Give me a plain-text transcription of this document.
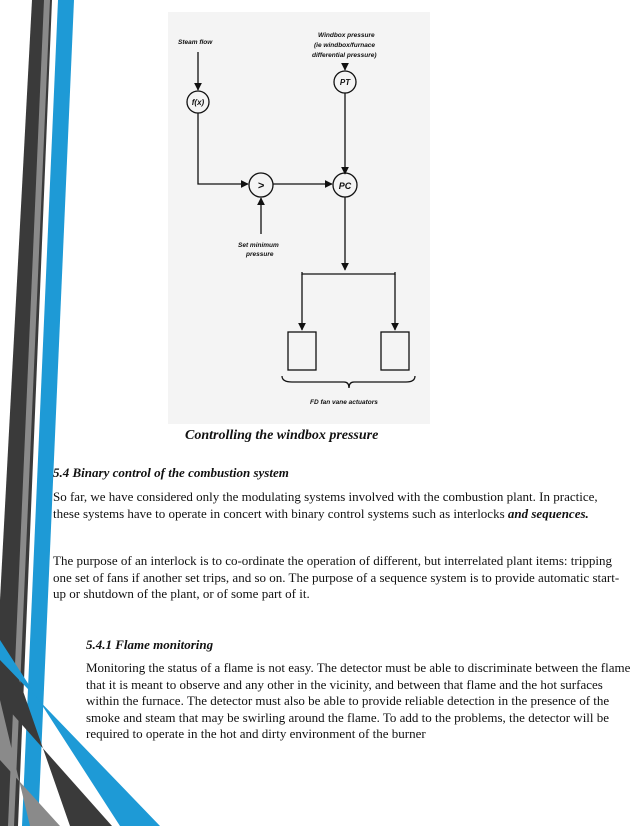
Steam flow
Windbox pressure
(ie windbox/furnace
differential pressure)
f(x)
PT
>	PC
Set minimum
pressure
FD fan vane actuators
Controlling the windbox pressure
5.4 Binary control of the combustion system

So far, we have considered only the modulating systems involved with the combustion plant. In practice, these systems have to operate in concert with binary control systems such as interlocks and sequences.

The purpose of an interlock is to co-ordinate the operation of different, but interrelated plant items: tripping one set of fans if another set trips, and so on. The purpose of a sequence system is to provide automatic start-up or shutdown of the plant, or of some part of it.

5.4.1 Flame monitoring

Monitoring the status of a flame is not easy. The detector must be able to discriminate between the flame that it is meant to observe and any other in the vicinity, and between that flame and the hot surfaces within the furnace. The detector must also be able to provide reliable detection in the presence of the smoke and steam that may be swirling around the flame. To add to the problems, the detector will be required to operate in the hot and dirty environment of the burner
